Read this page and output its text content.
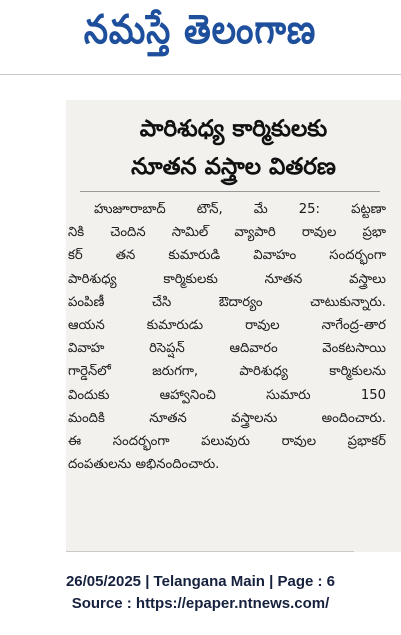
నమస్తే తెలంగాణ
పారిశుధ్య కార్మికులకు
నూతన వస్త్రాల వితరణ
హుజూరాబాద్ టౌన్, మే 25: పట్టణా
నికి చెందిన సామిల్ వ్యాపారి రావుల ప్రభా
కర్ తన కుమారుడి వివాహం సందర్భంగా
పారిశుధ్య కార్మికులకు నూతన వస్త్రాలు
పంపిణీ చేసి ఔదార్యం చాటుకున్నారు.
ఆయన కుమారుడు రావుల నాగేంద్ర-తార
వివాహ రిసెప్షన్ ఆదివారం వెంకటసాయి
గార్డెన్‌లో జరుగగా, పారిశుధ్య కార్మికులను
విందుకు ఆహ్వానించి సుమారు 150
మందికి నూతన వస్త్రాలను అందించారు.
ఈ సందర్భంగా పలువురు రావుల ప్రభాకర్
దంపతులను అభినందించారు.
26/05/2025 | Telangana Main | Page : 6
Source : https://epaper.ntnews.com/
